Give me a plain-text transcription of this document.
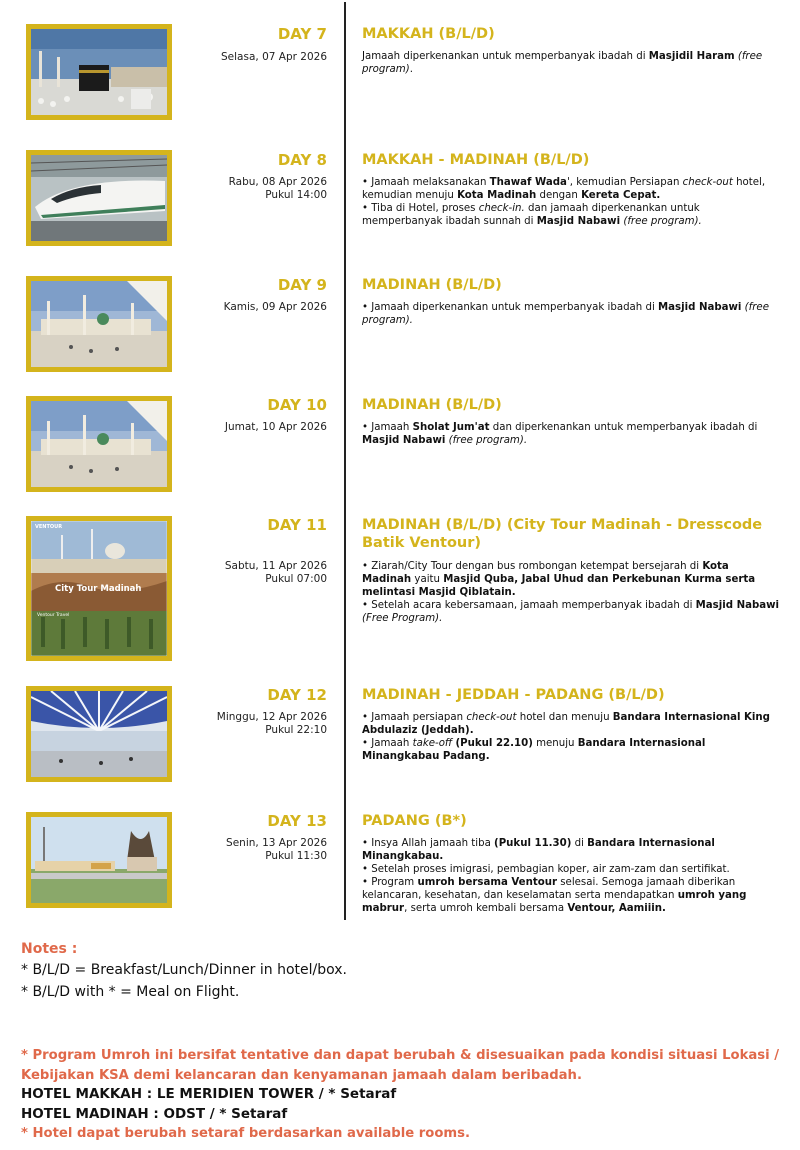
DAY 7
Selasa, 07 Apr 2026
MAKKAH (B/L/D)

Jamaah diperkenankan untuk memperbanyak ibadah di Masjidil Haram (free program).

DAY 8
Rabu, 08 Apr 2026
Pukul 14:00
MAKKAH - MADINAH (B/L/D)

• Jamaah melaksanakan Thawaf Wada', kemudian Persiapan check-out hotel, kemudian menuju Kota Madinah dengan Kereta Cepat.

• Tiba di Hotel, proses check-in. dan jamaah diperkenankan untuk memperbanyak ibadah sunnah di Masjid Nabawi (free program).

DAY 9
Kamis, 09 Apr 2026
MADINAH (B/L/D)

• Jamaah diperkenankan untuk memperbanyak ibadah di Masjid Nabawi (free program).

DAY 10
Jumat, 10 Apr 2026
MADINAH (B/L/D)

• Jamaah Sholat Jum'at dan diperkenankan untuk memperbanyak ibadah di Masjid Nabawi (free program).

VENTOUR
City Tour Madinah
Ventour Travel
DAY 11
Sabtu, 11 Apr 2026
Pukul 07:00
MADINAH (B/L/D) (City Tour Madinah - Dresscode Batik Ventour)

• Ziarah/City Tour dengan bus rombongan ketempat bersejarah di Kota Madinah yaitu Masjid Quba, Jabal Uhud dan Perkebunan Kurma serta melintasi Masjid Qiblatain.

• Setelah acara kebersamaan, jamaah memperbanyak ibadah di Masjid Nabawi (Free Program).

DAY 12
Minggu, 12 Apr 2026
Pukul 22:10
MADINAH - JEDDAH - PADANG (B/L/D)

• Jamaah persiapan check-out hotel dan menuju Bandara Internasional King Abdulaziz (Jeddah).

• Jamaah take-off (Pukul 22.10) menuju Bandara Internasional Minangkabau Padang.

DAY 13
Senin, 13 Apr 2026
Pukul 11:30
PADANG (B*)

• Insya Allah jamaah tiba (Pukul 11.30) di Bandara Internasional Minangkabau.

• Setelah proses imigrasi, pembagian koper, air zam-zam dan sertifikat.

• Program umroh bersama Ventour selesai. Semoga jamaah diberikan kelancaran, kesehatan, dan keselamatan serta mendapatkan umroh yang mabrur, serta umroh kembali bersama Ventour, Aamiiin.

Notes :
* B/L/D = Breakfast/Lunch/Dinner in hotel/box.
* B/L/D with * = Meal on Flight.
* Program Umroh ini bersifat tentative dan dapat berubah & disesuaikan pada kondisi situasi Lokasi / Kebijakan KSA demi kelancaran dan kenyamanan jamaah dalam beribadah.
HOTEL MAKKAH : LE MERIDIEN TOWER / * Setaraf
HOTEL MADINAH : ODST / * Setaraf
* Hotel dapat berubah setaraf berdasarkan available rooms.
